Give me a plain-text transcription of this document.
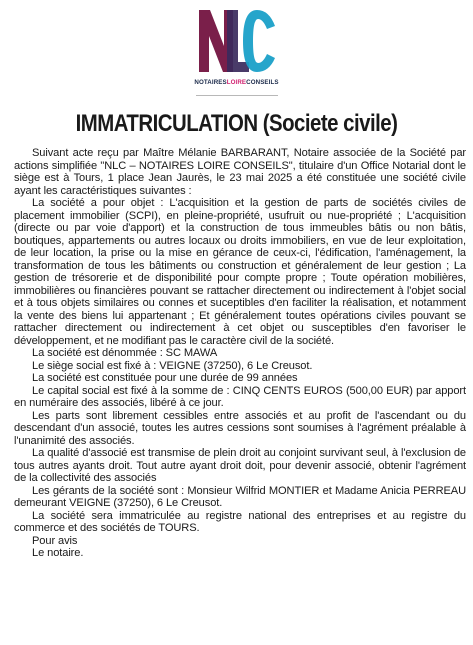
NOTAIRESLOIRECONSEILS
IMMATRICULATION (Societe civile)

Suivant acte reçu par Maître Mélanie BARBARANT, Notaire associée de la Société par actions simplifiée "NLC – NOTAIRES LOIRE CONSEILS", titulaire d'un Office Notarial dont le siège est à Tours, 1 place Jean Jaurès, le 23 mai 2025 a été constituée une société civile ayant les caractéristiques suivantes :

La société a pour objet : L'acquisition et la gestion de parts de sociétés civiles de placement immobilier (SCPI), en pleine-propriété, usufruit ou nue-propriété ; L'acquisition (directe ou par voie d'apport) et la construction de tous immeubles bâtis ou non bâtis, boutiques, appartements ou autres locaux ou droits immobiliers, en vue de leur exploitation, de leur location, la prise ou la mise en gérance de ceux-ci, l'édification, l'aménagement, la transformation de tous les bâtiments ou construction et généralement de leur gestion ; La gestion de trésorerie et de disponibilité pour compte propre ; Toute opération mobilières, immobilières ou financières pouvant se rattacher directement ou indirectement à l'objet social et à tous objets similaires ou connes et suceptibles d'en faciliter la réalisation, et notamment la vente des biens lui appartenant ; Et généralement toutes opérations civiles pouvant se rattacher directement ou indirectement à cet objet ou susceptibles d'en favoriser le développement, et ne modifiant pas le caractère civil de la société.

La société est dénommée : SC MAWA

Le siège social est fixé à : VEIGNE (37250), 6 Le Creusot.

La société est constituée pour une durée de 99 années

Le capital social est fixé à la somme de : CINQ CENTS EUROS (500,00 EUR) par apport en numéraire des associés, libéré à ce jour.

Les parts sont librement cessibles entre associés et au profit de l'ascendant ou du descendant d'un associé, toutes les autres cessions sont soumises à l'agrément préalable à l'unanimité des associés.

La qualité d'associé est transmise de plein droit au conjoint survivant seul, à l'exclusion de tous autres ayants droit. Tout autre ayant droit doit, pour devenir associé, obtenir l'agrément de la collectivité des associés

Les gérants de la société sont : Monsieur Wilfrid MONTIER et Madame Anicia PERREAU demeurant VEIGNE (37250), 6 Le Creusot.

La société sera immatriculée au registre national des entreprises et au registre du commerce et des sociétés de TOURS.

Pour avis

Le notaire.
